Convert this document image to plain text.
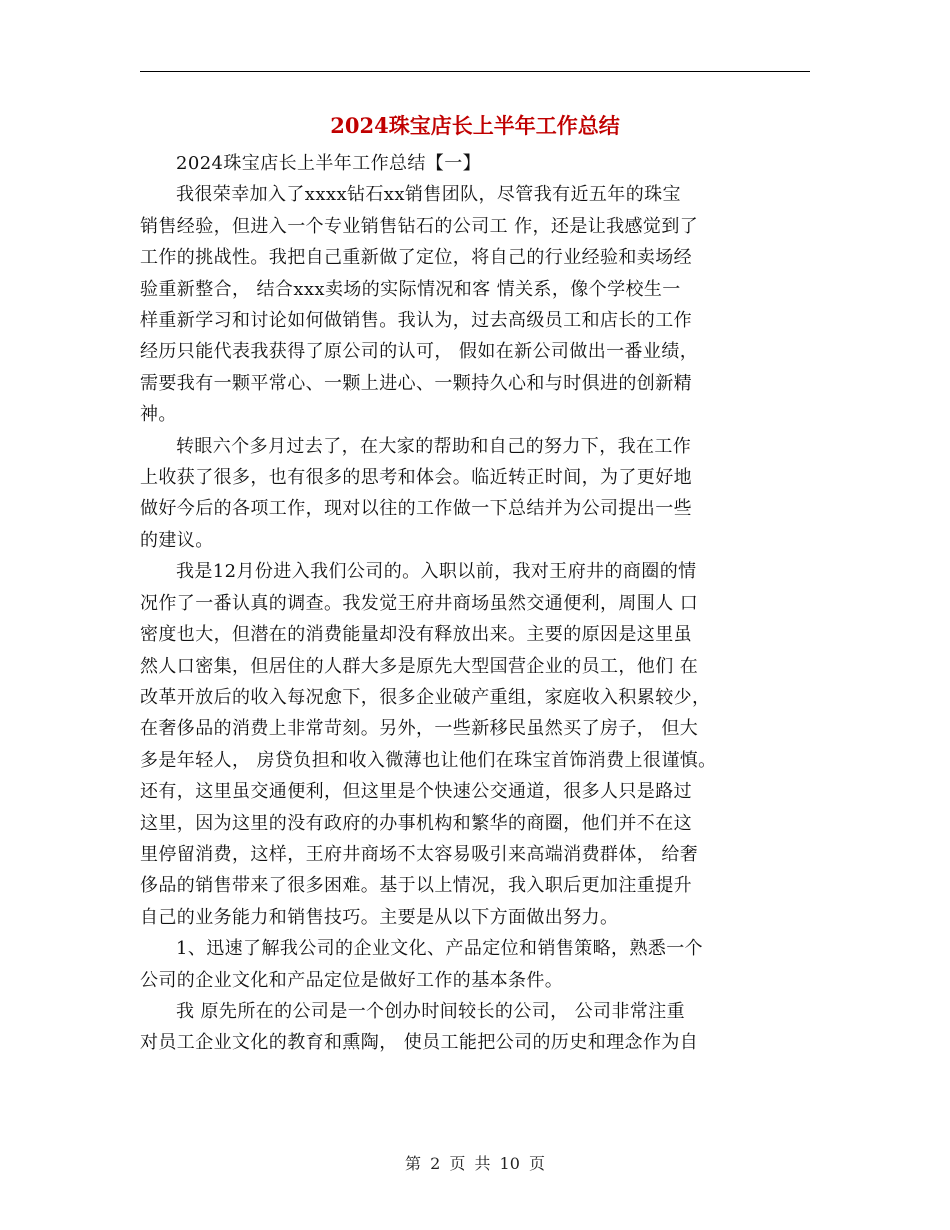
2024珠宝店长上半年工作总结

2024珠宝店长上半年工作总结【一】

我很荣幸加入了xxxx钻石xx销售团队，尽管我有近五年的珠宝
销售经验，但进入一个专业销售钻石的公司工 作，还是让我感觉到了
工作的挑战性。我把自己重新做了定位，将自己的行业经验和卖场经
验重新整合， 结合xxx卖场的实际情况和客 情关系，像个学校生一
样重新学习和讨论如何做销售。我认为，过去高级员工和店长的工作
经历只能代表我获得了原公司的认可， 假如在新公司做出一番业绩，
需要我有一颗平常心、一颗上进心、一颗持久心和与时俱进的创新精
神。

转眼六个多月过去了，在大家的帮助和自己的努力下，我在工作
上收获了很多，也有很多的思考和体会。临近转正时间，为了更好地
做好今后的各项工作，现对以往的工作做一下总结并为公司提出一些
的建议。

我是12月份进入我们公司的。入职以前，我对王府井的商圈的情
况作了一番认真的调查。我发觉王府井商场虽然交通便利，周围人 口
密度也大，但潜在的消费能量却没有释放出来。主要的原因是这里虽
然人口密集，但居住的人群大多是原先大型国营企业的员工，他们 在
改革开放后的收入每况愈下，很多企业破产重组，家庭收入积累较少，
在奢侈品的消费上非常苛刻。另外，一些新移民虽然买了房子， 但大
多是年轻人， 房贷负担和收入微薄也让他们在珠宝首饰消费上很谨慎。
还有，这里虽交通便利，但这里是个快速公交通道，很多人只是路过
这里，因为这里的没有政府的办事机构和繁华的商圈，他们并不在这
里停留消费，这样，王府井商场不太容易吸引来高端消费群体， 给奢
侈品的销售带来了很多困难。基于以上情况，我入职后更加注重提升
自己的业务能力和销售技巧。主要是从以下方面做出努力。

1、迅速了解我公司的企业文化、产品定位和销售策略，熟悉一个
公司的企业文化和产品定位是做好工作的基本条件。

我 原先所在的公司是一个创办时间较长的公司， 公司非常注重
对员工企业文化的教育和熏陶， 使员工能把公司的历史和理念作为自

第 2 页 共 10 页
